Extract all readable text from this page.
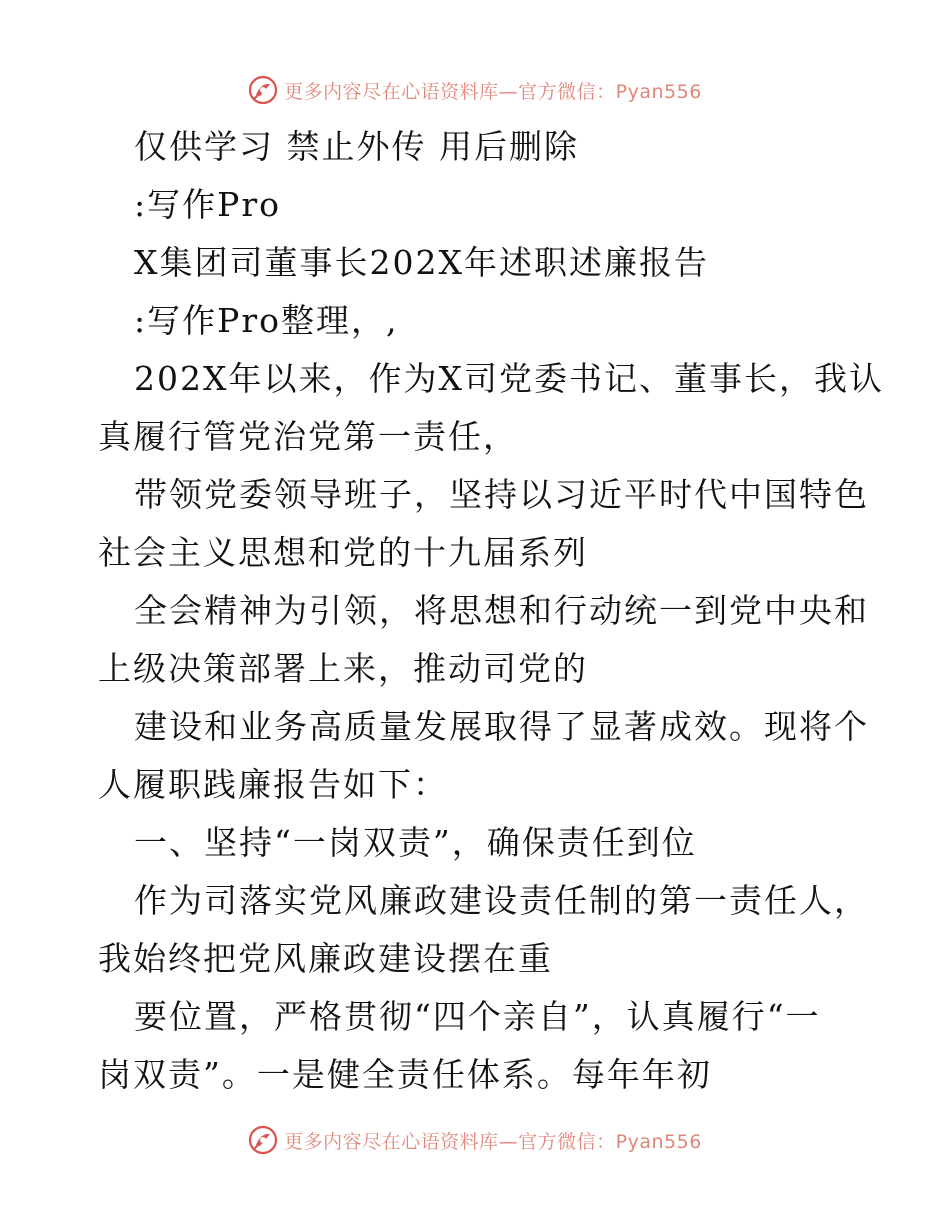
更多内容尽在心语资料库—官方微信：Pyan556
仅供学习 禁止外传 用后删除
:写作Pro
X集团司董事长202X年述职述廉报告
:写作Pro整理，,
202X年以来，作为X司党委书记、董事长，我认
真履行管党治党第一责任，
带领党委领导班子，坚持以习近平时代中国特色
社会主义思想和党的十九届系列
全会精神为引领，将思想和行动统一到党中央和
上级决策部署上来，推动司党的
建设和业务高质量发展取得了显著成效。现将个
人履职践廉报告如下：
一、坚持“一岗双责”，确保责任到位
作为司落实党风廉政建设责任制的第一责任人，
我始终把党风廉政建设摆在重
要位置，严格贯彻“四个亲自”，认真履行“一
岗双责”。一是健全责任体系。每年年初
更多内容尽在心语资料库—官方微信：Pyan556
